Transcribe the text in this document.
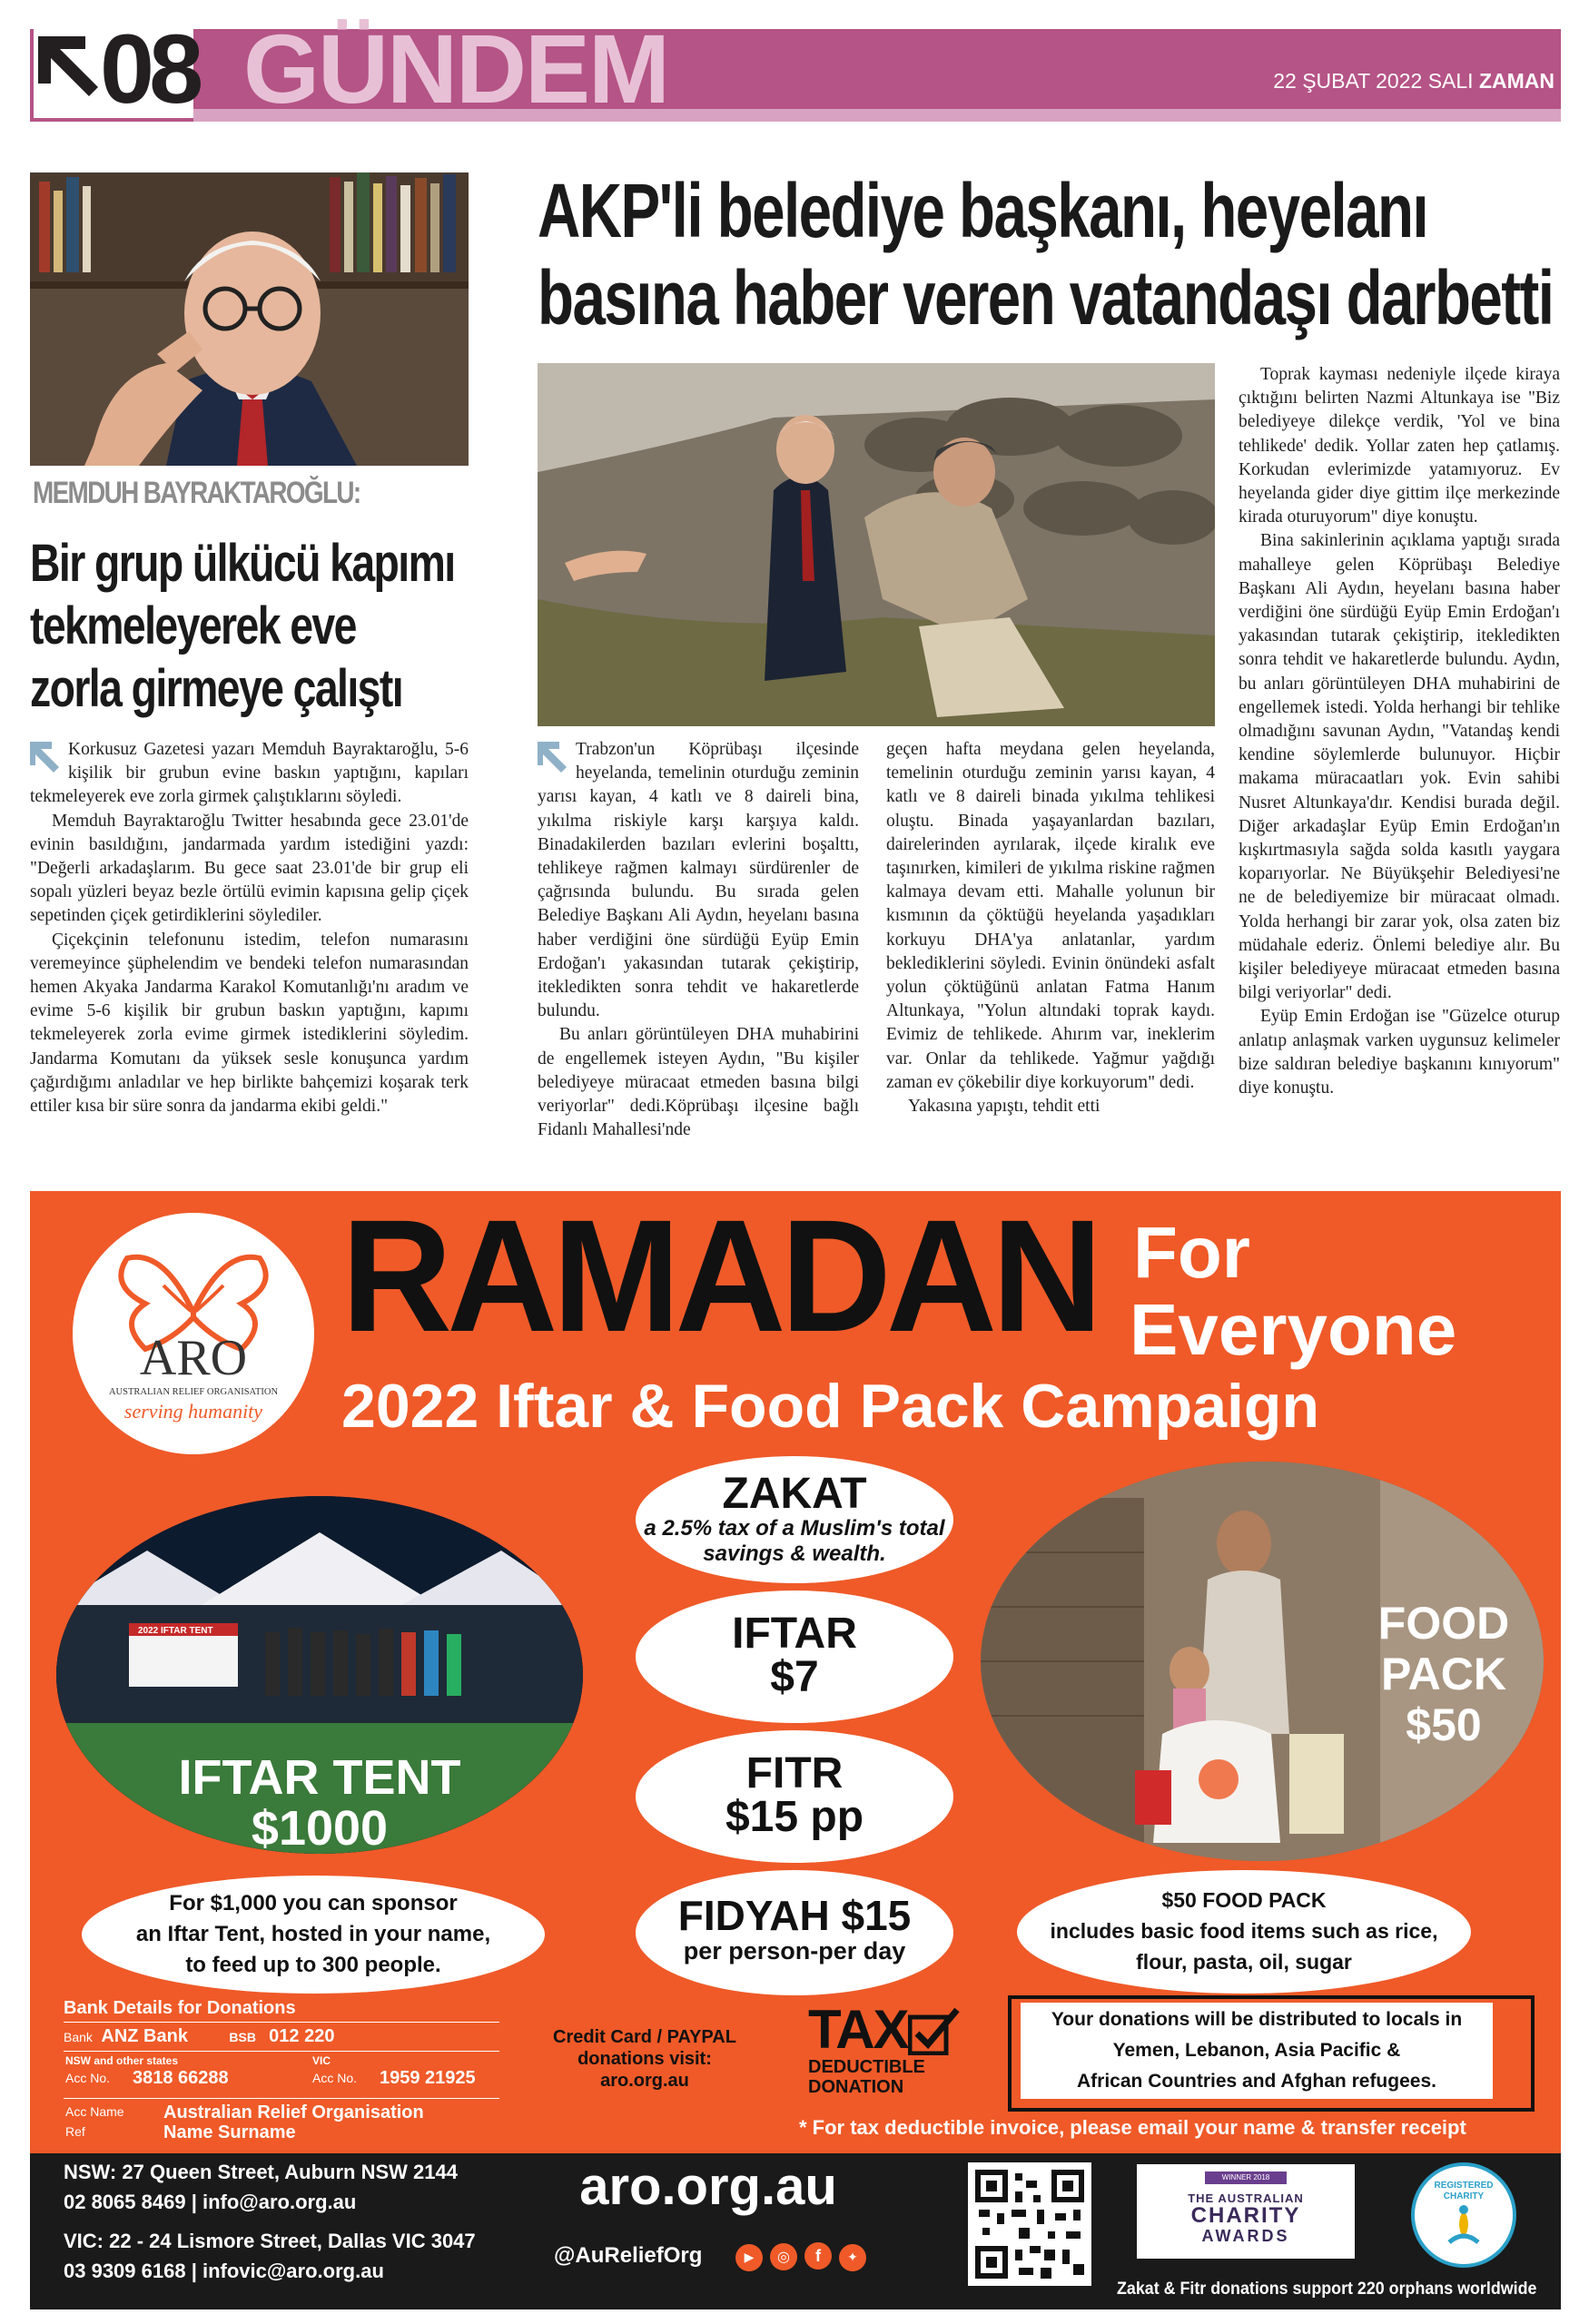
08 GÜNDEM	22 ŞUBAT 2022 SALI ZAMAN
MEMDUH BAYRAKTAROĞLU:
Bir grup ülkücü kapımı
tekmeleyerek eve
zorla girmeye çalıştı

Korkusuz Gazetesi yazarı Memduh Bayraktaroğlu, 5-6 kişilik bir grubun evine baskın yaptığını, kapıları tekmeleyerek eve zorla girmek çalıştıklarını söyledi.

Memduh Bayraktaroğlu Twitter hesabında gece 23.01'de evinin basıldığını, jandarmada yardım istediğini yazdı: "Değerli arkadaşlarım. Bu gece saat 23.01'de bir grup eli sopalı yüzleri beyaz bezle örtülü evimin kapısına gelip çiçek sepetinden çiçek getirdiklerini söylediler.

Çiçekçinin telefonunu istedim, telefon numarasını veremeyince şüphelendim ve bendeki telefon numarasından hemen Akyaka Jandarma Karakol Komutanlığı'nı aradım ve evime 5-6 kişilik bir grubun baskın yaptığını, kapımı tekmeleyerek zorla evime girmek istediklerini söyledim. Jandarma Komutanı da yüksek sesle konuşunca yardım çağırdığımı anladılar ve hep birlikte bahçemizi koşarak terk ettiler kısa bir süre sonra da jandarma ekibi geldi."

AKP'li belediye başkanı, heyelanı
basına haber veren vatandaşı darbetti

Trabzon'un Köprübaşı ilçesinde heyelanda, temelinin oturduğu zeminin yarısı kayan, 4 katlı ve 8 daireli bina, yıkılma riskiyle karşı karşıya kaldı. Binadakilerden bazıları evlerini boşalttı, tehlikeye rağmen kalmayı sürdürenler de çağrısında bulundu. Bu sırada gelen Belediye Başkanı Ali Aydın, heyelanı basına haber verdiğini öne sürdüğü Eyüp Emin Erdoğan'ı yakasından tutarak çekiştirip, itekledikten sonra tehdit ve hakaretlerde bulundu.

Bu anları görüntüleyen DHA muhabirini de engellemek isteyen Aydın, "Bu kişiler belediyeye müracaat etmeden basına bilgi veriyorlar" dedi.Köprübaşı ilçesine bağlı Fidanlı Mahallesi'nde

geçen hafta meydana gelen heyelanda, temelinin oturduğu zeminin yarısı kayan, 4 katlı ve 8 daireli binada yıkılma tehlikesi oluştu. Binada yaşayanlardan bazıları, dairelerinden ayrılarak, ilçede kiralık eve taşınırken, kimileri de yıkılma riskine rağmen kalmaya devam etti. Mahalle yolunun bir kısmının da çöktüğü heyelanda yaşadıkları korkuyu DHA'ya anlatanlar, yardım beklediklerini söyledi. Evinin önündeki asfalt yolun çöktüğünü anlatan Fatma Hanım Altunkaya, "Yolun altındaki toprak kaydı. Evimiz de tehlikede. Ahırım var, ineklerim var. Onlar da tehlikede. Yağmur yağdığı zaman ev çökebilir diye korkuyorum" dedi.

Yakasına yapıştı, tehdit etti

Toprak kayması nedeniyle ilçede kiraya çıktığını belirten Nazmi Altunkaya ise "Biz belediyeye dilekçe verdik, 'Yol ve bina tehlikede' dedik. Yollar zaten hep çatlamış. Korkudan evlerimizde yatamıyoruz. Ev heyelanda gider diye gittim ilçe merkezinde kirada oturuyorum" diye konuştu.

Bina sakinlerinin açıklama yaptığı sırada mahalleye gelen Köprübaşı Belediye Başkanı Ali Aydın, heyelanı basına haber verdiğini öne sürdüğü Eyüp Emin Erdoğan'ı yakasından tutarak çekiştirip, itekledikten sonra tehdit ve hakaretlerde bulundu. Aydın, bu anları görüntüleyen DHA muhabirini de engellemek istedi. Yolda herhangi bir tehlike olmadığını savunan Aydın, "Vatandaş kendi kendine söylemlerde bulunuyor. Hiçbir makama müracaatları yok. Evin sahibi Nusret Altunkaya'dır. Kendisi burada değil. Diğer arkadaşlar Eyüp Emin Erdoğan'ın kışkırtmasıyla sağda solda kasıtlı yaygara koparıyorlar. Ne Büyükşehir Belediyesi'ne ne de belediyemize bir müracaat olmadı. Yolda herhangi bir zarar yok, olsa zaten biz müdahale ederiz. Önlemi belediye alır. Bu kişiler belediyeye müracaat etmeden basına bilgi veriyorlar" dedi.

Eyüp Emin Erdoğan ise "Güzelce oturup anlatıp anlaşmak varken uygunsuz kelimeler bize saldıran belediye başkanını kınıyorum" diye konuştu.

ARO
AUSTRALIAN RELIEF ORGANISATION
serving humanity
RAMADAN For
Everyone
2022 Iftar & Food Pack Campaign
ZAKAT
a 2.5% tax of a Muslim's total
savings & wealth.
IFTAR
$7
FITR
$15 pp
FIDYAH $15
per person-per day
2022 IFTAR TENT
IFTAR TENT
$1000
For $1,000 you can sponsor
an Iftar Tent, hosted in your name,
to feed up to 300 people.
FOOD
PACK
$50
$50 FOOD PACK
includes basic food items such as rice,
flour, pasta, oil, sugar
Bank Details for Donations
Bank ANZ Bank	BSB 012 220
NSW and other states	VIC
Acc No. 3818 66288	Acc No. 1959 21925
Acc Name Australian Relief Organisation
Ref	Name Surname
Credit Card / PAYPAL
donations visit:
aro.org.au
TAX
DEDUCTIBLE
DONATION
Your donations will be distributed to locals in
Yemen, Lebanon, Asia Pacific &
African Countries and Afghan refugees.
* For tax deductible invoice, please email your name & transfer receipt
NSW: 27 Queen Street, Auburn NSW 2144
02 8065 8469 | info@aro.org.au
VIC: 22 - 24 Lismore Street, Dallas VIC 3047
03 9309 6168 | infovic@aro.org.au
aro.org.au
@AuReliefOrg	▶ ◎ f ✦
WINNER 2018
THE AUSTRALIAN
CHARITY
AWARDS
REGISTERED CHARITY
Zakat & Fitr donations support 220 orphans worldwide
